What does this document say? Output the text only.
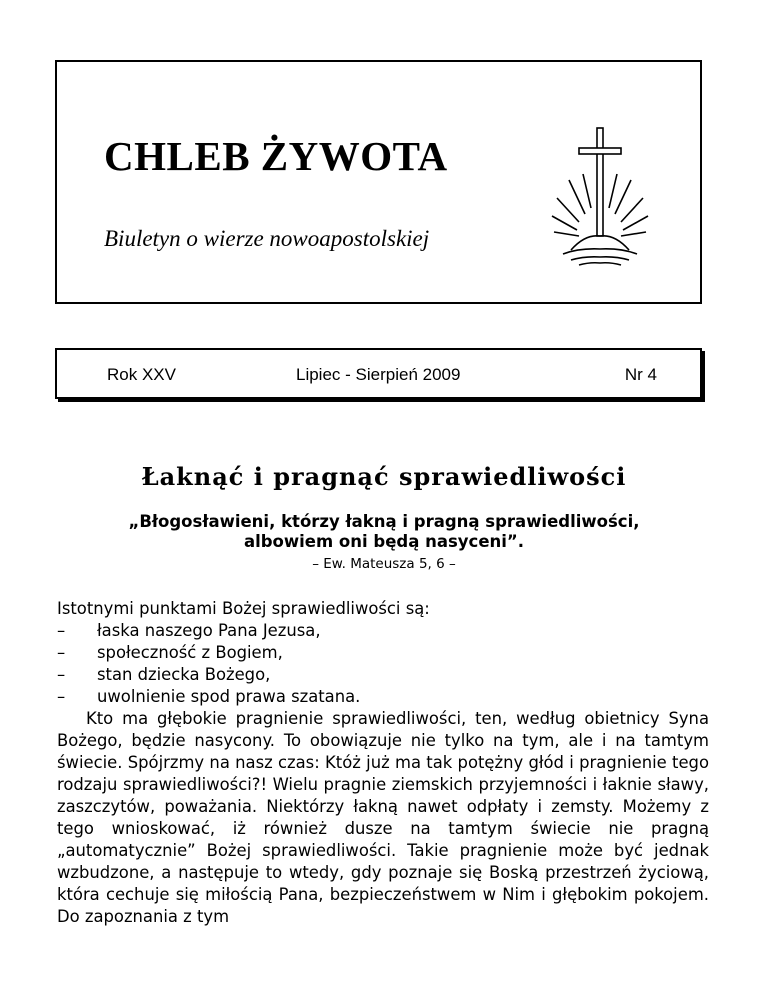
CHLEB ŻYWOTA
Biuletyn o wierze nowoapostolskiej
Rok XXV	Lipiec - Sierpień 2009	Nr 4
Łaknąć i pragnąć sprawiedliwości
„Błogosławieni, którzy łakną i pragną sprawiedliwości,
albowiem oni będą nasyceni”.
– Ew. Mateusza 5, 6 –
Istotnymi punktami Bożej sprawiedliwości są:
– łaska naszego Pana Jezusa,
– społeczność z Bogiem,
– stan dziecka Bożego,
– uwolnienie spod prawa szatana.

Kto ma głębokie pragnienie sprawiedliwości, ten, według obietnicy Syna Bożego, będzie nasycony. To obowiązuje nie tylko na tym, ale i na tamtym świecie. Spójrzmy na nasz czas: Któż już ma tak potężny głód i pragnienie tego rodzaju sprawiedliwości?! Wielu pragnie ziemskich przyjemności i łaknie sławy, zaszczytów, poważania. Niektórzy łakną nawet odpłaty i zemsty. Możemy z tego wnioskować, iż również dusze na tamtym świecie nie pragną „automatycznie” Bożej sprawiedliwości. Takie pragnienie może być jednak wzbudzone, a następuje to wtedy, gdy poznaje się Boską przestrzeń życiową, która cechuje się miłością Pana, bezpieczeństwem w Nim i głębokim pokojem. Do zapoznania z tym
